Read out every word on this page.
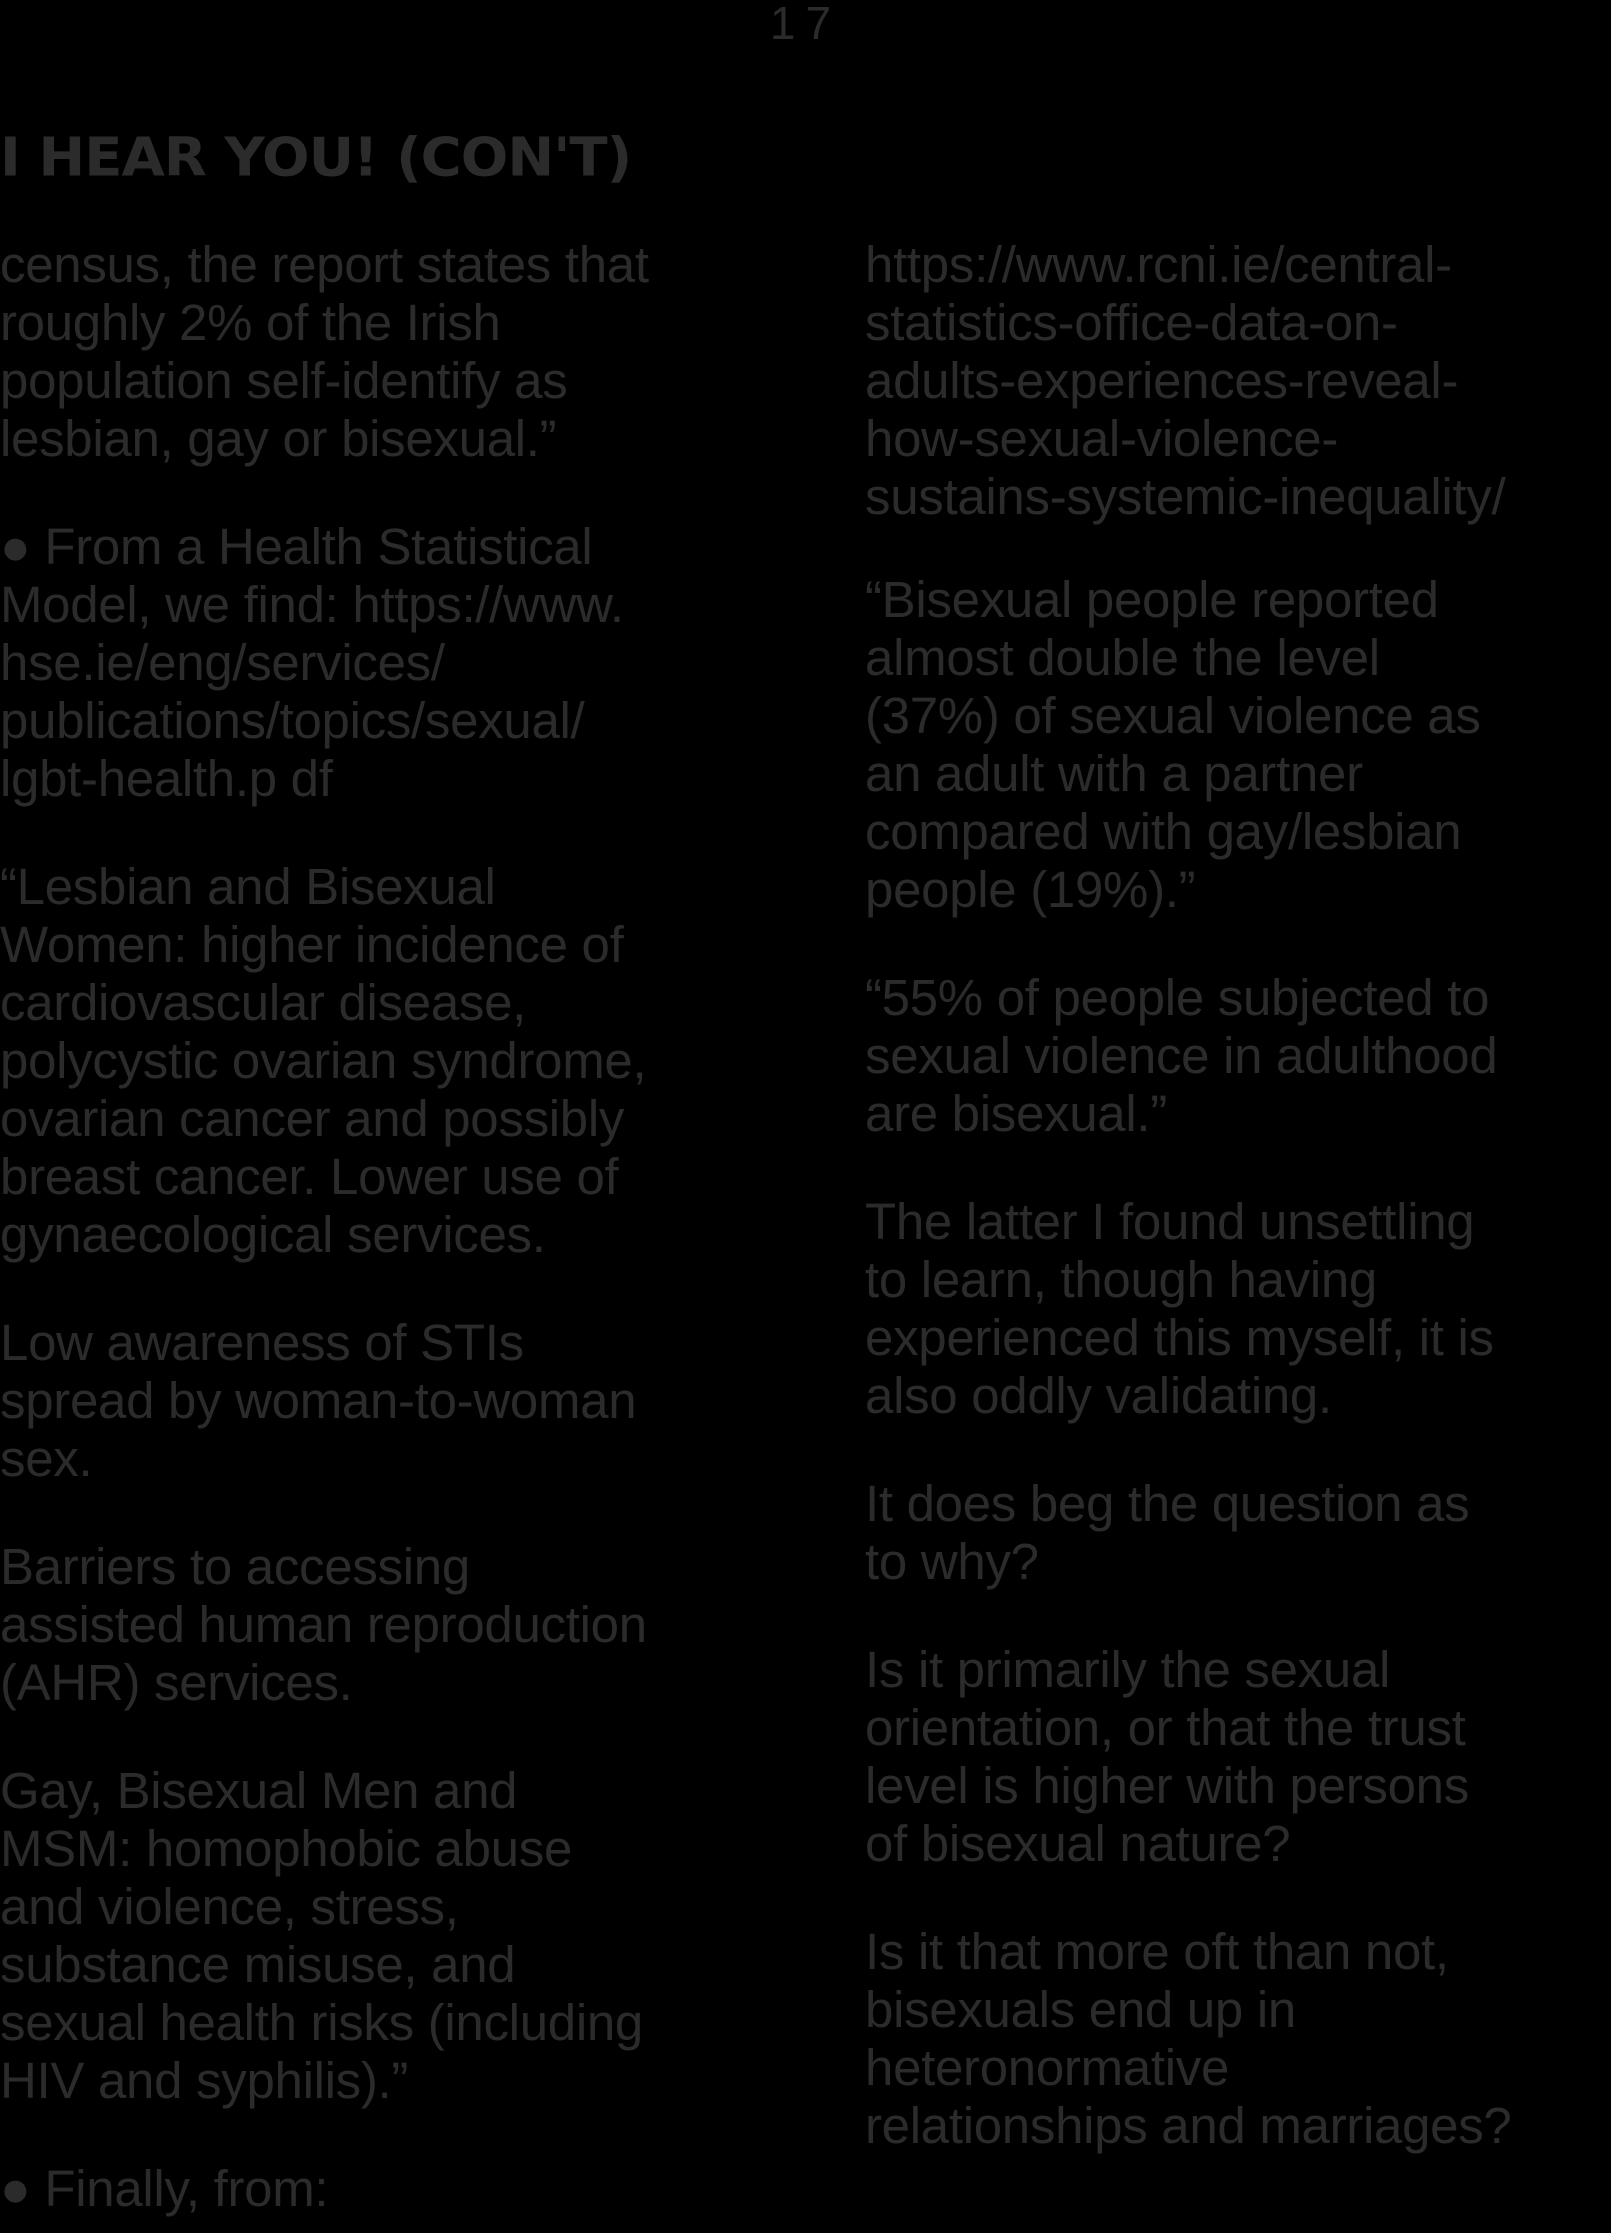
17
I HEAR YOU! (CON'T)

census, the report states that
roughly 2% of the Irish
population self-identify as
lesbian, gay or bisexual.”

● From a Health Statistical
Model, we find: https://www.
hse.ie/eng/services/
publications/topics/sexual/
lgbt-health.p df

“Lesbian and Bisexual
Women: higher incidence of
cardiovascular disease,
polycystic ovarian syndrome,
ovarian cancer and possibly
breast cancer. Lower use of
gynaecological services.

Low awareness of STIs
spread by woman-to-woman
sex.

Barriers to accessing
assisted human reproduction
(AHR) services.

Gay, Bisexual Men and
MSM: homophobic abuse
and violence, stress,
substance misuse, and
sexual health risks (including
HIV and syphilis).”

● Finally, from:

https://www.rcni.ie/central-
statistics-office-data-on-
adults-experiences-reveal-
how-sexual-violence-
sustains-systemic-inequality/

“Bisexual people reported
almost double the level
(37%) of sexual violence as
an adult with a partner
compared with gay/lesbian
people (19%).”

“55% of people subjected to
sexual violence in adulthood
are bisexual.”

The latter I found unsettling
to learn, though having
experienced this myself, it is
also oddly validating.

It does beg the question as
to why?

Is it primarily the sexual
orientation, or that the trust
level is higher with persons
of bisexual nature?

Is it that more oft than not,
bisexuals end up in
heteronormative
relationships and marriages?
